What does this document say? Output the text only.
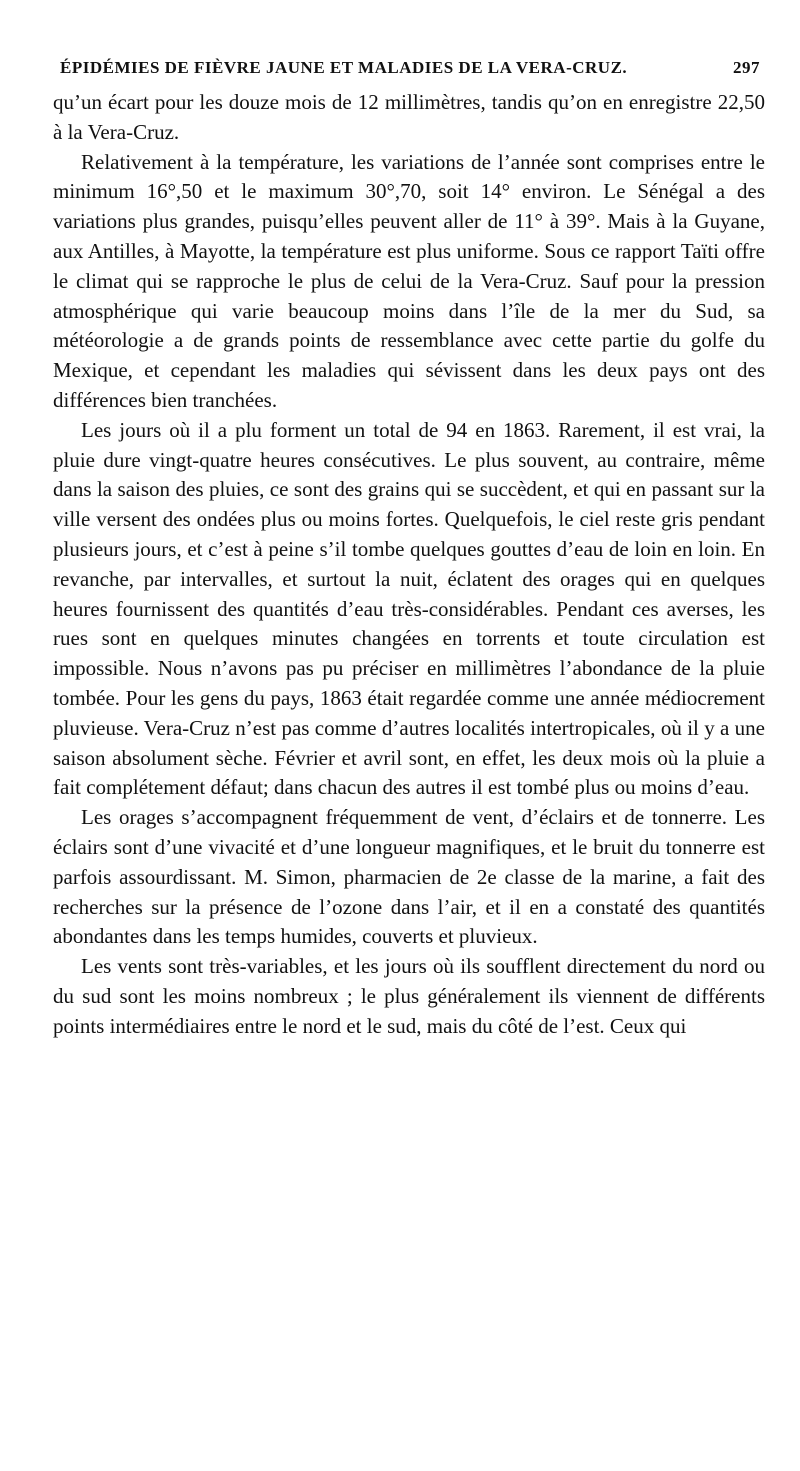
ÉPIDÉMIES DE FIÈVRE JAUNE ET MALADIES DE LA VERA-CRUZ.	297

qu’un écart pour les douze mois de 12 millimètres, tandis qu’on en enregistre 22,50 à la Vera-Cruz.

Relativement à la température, les variations de l’année sont comprises entre le minimum 16°,50 et le maximum 30°,70, soit 14° environ. Le Sénégal a des variations plus grandes, puisqu’elles peuvent aller de 11° à 39°. Mais à la Guyane, aux Antilles, à Mayotte, la température est plus uniforme. Sous ce rapport Taïti offre le climat qui se rapproche le plus de celui de la Vera-Cruz. Sauf pour la pression atmosphérique qui varie beaucoup moins dans l’île de la mer du Sud, sa météorologie a de grands points de ressemblance avec cette partie du golfe du Mexique, et cependant les maladies qui sévissent dans les deux pays ont des différences bien tranchées.

Les jours où il a plu forment un total de 94 en 1863. Rarement, il est vrai, la pluie dure vingt-quatre heures consécutives. Le plus souvent, au contraire, même dans la saison des pluies, ce sont des grains qui se succèdent, et qui en passant sur la ville versent des ondées plus ou moins fortes. Quelquefois, le ciel reste gris pendant plusieurs jours, et c’est à peine s’il tombe quelques gouttes d’eau de loin en loin. En revanche, par intervalles, et surtout la nuit, éclatent des orages qui en quelques heures fournissent des quantités d’eau très-considérables. Pendant ces averses, les rues sont en quelques minutes changées en torrents et toute circulation est impossible. Nous n’avons pas pu préciser en millimètres l’abondance de la pluie tombée. Pour les gens du pays, 1863 était regardée comme une année médiocrement pluvieuse. Vera-Cruz n’est pas comme d’autres localités intertropicales, où il y a une saison absolument sèche. Février et avril sont, en effet, les deux mois où la pluie a fait complétement défaut; dans chacun des autres il est tombé plus ou moins d’eau.

Les orages s’accompagnent fréquemment de vent, d’éclairs et de tonnerre. Les éclairs sont d’une vivacité et d’une longueur magnifiques, et le bruit du tonnerre est parfois assourdissant. M. Simon, pharmacien de 2e classe de la marine, a fait des recherches sur la présence de l’ozone dans l’air, et il en a constaté des quantités abondantes dans les temps humides, couverts et pluvieux.

Les vents sont très-variables, et les jours où ils soufflent directement du nord ou du sud sont les moins nombreux ; le plus généralement ils viennent de différents points intermédiaires entre le nord et le sud, mais du côté de l’est. Ceux qui
